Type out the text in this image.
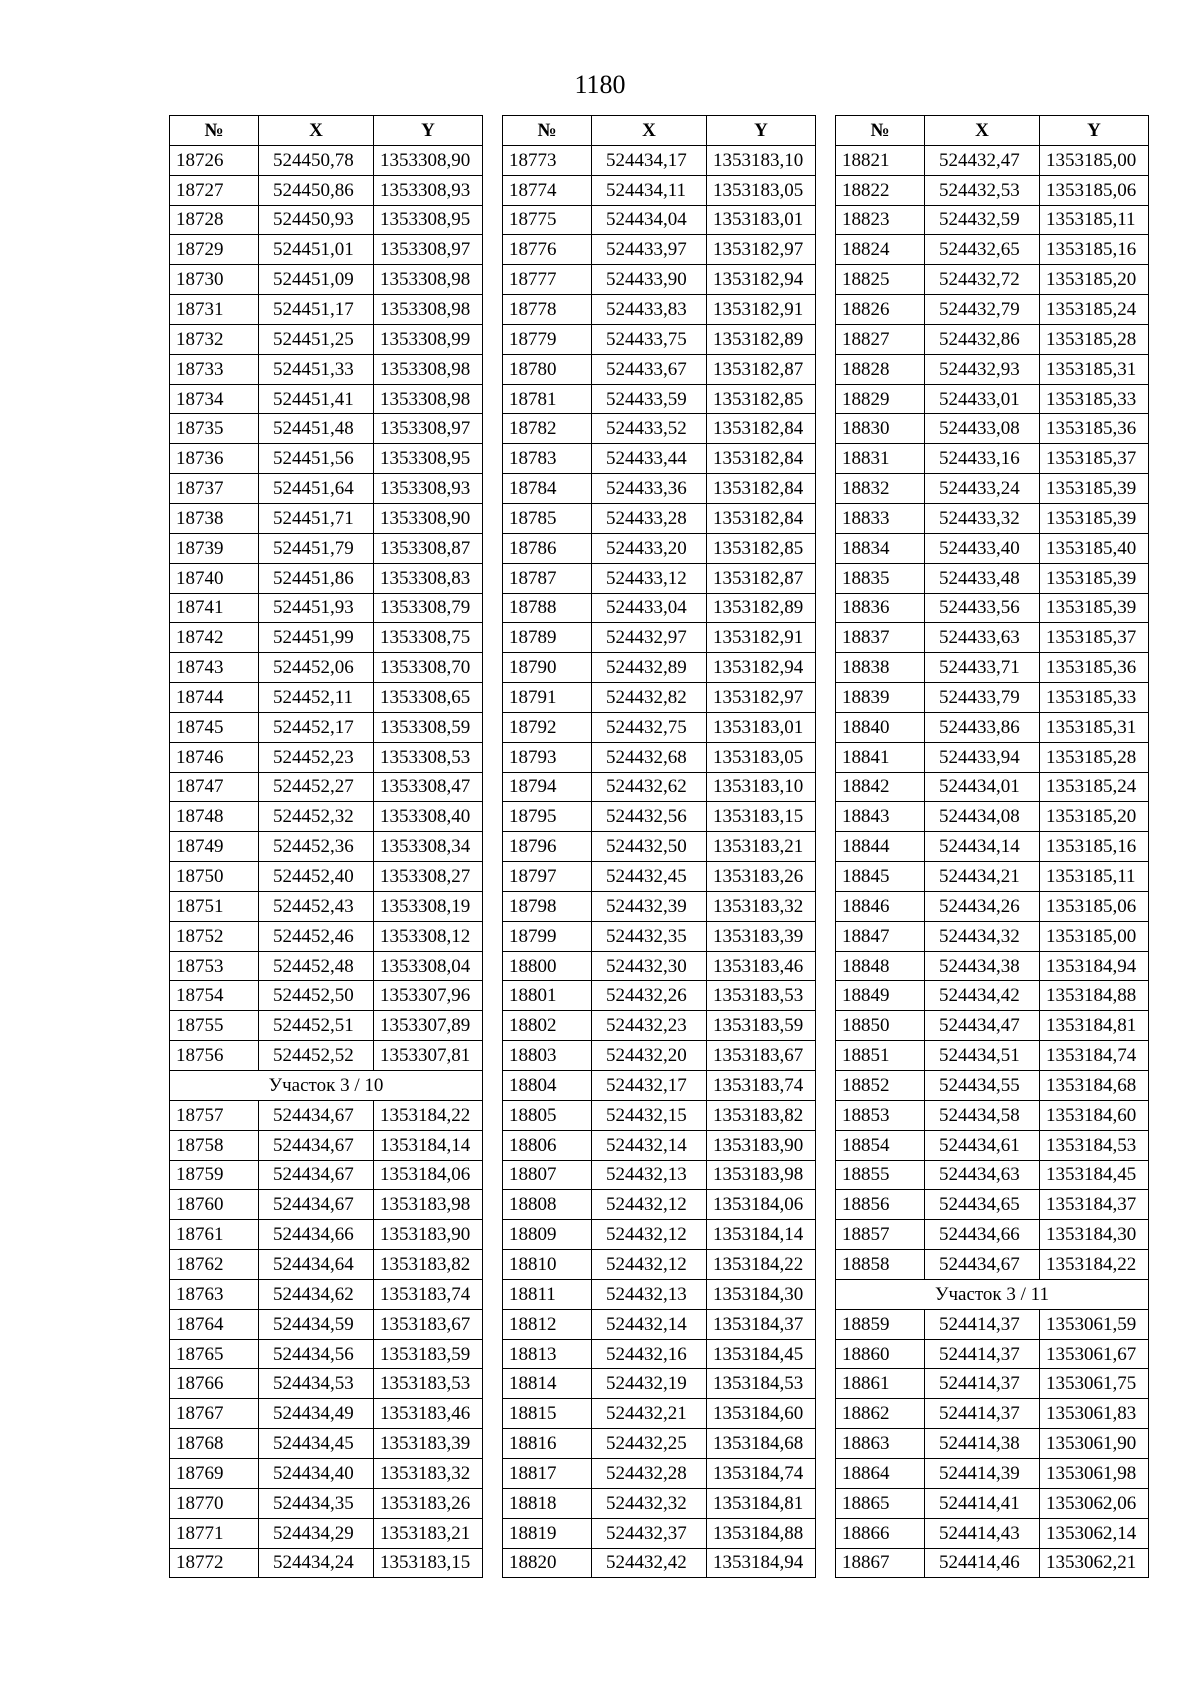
1180
№	X	Y
18726	524450,78	1353308,90
18727	524450,86	1353308,93
18728	524450,93	1353308,95
18729	524451,01	1353308,97
18730	524451,09	1353308,98
18731	524451,17	1353308,98
18732	524451,25	1353308,99
18733	524451,33	1353308,98
18734	524451,41	1353308,98
18735	524451,48	1353308,97
18736	524451,56	1353308,95
18737	524451,64	1353308,93
18738	524451,71	1353308,90
18739	524451,79	1353308,87
18740	524451,86	1353308,83
18741	524451,93	1353308,79
18742	524451,99	1353308,75
18743	524452,06	1353308,70
18744	524452,11	1353308,65
18745	524452,17	1353308,59
18746	524452,23	1353308,53
18747	524452,27	1353308,47
18748	524452,32	1353308,40
18749	524452,36	1353308,34
18750	524452,40	1353308,27
18751	524452,43	1353308,19
18752	524452,46	1353308,12
18753	524452,48	1353308,04
18754	524452,50	1353307,96
18755	524452,51	1353307,89
18756	524452,52	1353307,81
Участок 3 / 10		
18757	524434,67	1353184,22
18758	524434,67	1353184,14
18759	524434,67	1353184,06
18760	524434,67	1353183,98
18761	524434,66	1353183,90
18762	524434,64	1353183,82
18763	524434,62	1353183,74
18764	524434,59	1353183,67
18765	524434,56	1353183,59
18766	524434,53	1353183,53
18767	524434,49	1353183,46
18768	524434,45	1353183,39
18769	524434,40	1353183,32
18770	524434,35	1353183,26
18771	524434,29	1353183,21
18772	524434,24	1353183,15
№	X	Y
18773	524434,17	1353183,10
18774	524434,11	1353183,05
18775	524434,04	1353183,01
18776	524433,97	1353182,97
18777	524433,90	1353182,94
18778	524433,83	1353182,91
18779	524433,75	1353182,89
18780	524433,67	1353182,87
18781	524433,59	1353182,85
18782	524433,52	1353182,84
18783	524433,44	1353182,84
18784	524433,36	1353182,84
18785	524433,28	1353182,84
18786	524433,20	1353182,85
18787	524433,12	1353182,87
18788	524433,04	1353182,89
18789	524432,97	1353182,91
18790	524432,89	1353182,94
18791	524432,82	1353182,97
18792	524432,75	1353183,01
18793	524432,68	1353183,05
18794	524432,62	1353183,10
18795	524432,56	1353183,15
18796	524432,50	1353183,21
18797	524432,45	1353183,26
18798	524432,39	1353183,32
18799	524432,35	1353183,39
18800	524432,30	1353183,46
18801	524432,26	1353183,53
18802	524432,23	1353183,59
18803	524432,20	1353183,67
18804	524432,17	1353183,74
18805	524432,15	1353183,82
18806	524432,14	1353183,90
18807	524432,13	1353183,98
18808	524432,12	1353184,06
18809	524432,12	1353184,14
18810	524432,12	1353184,22
18811	524432,13	1353184,30
18812	524432,14	1353184,37
18813	524432,16	1353184,45
18814	524432,19	1353184,53
18815	524432,21	1353184,60
18816	524432,25	1353184,68
18817	524432,28	1353184,74
18818	524432,32	1353184,81
18819	524432,37	1353184,88
18820	524432,42	1353184,94
№	X	Y
18821	524432,47	1353185,00
18822	524432,53	1353185,06
18823	524432,59	1353185,11
18824	524432,65	1353185,16
18825	524432,72	1353185,20
18826	524432,79	1353185,24
18827	524432,86	1353185,28
18828	524432,93	1353185,31
18829	524433,01	1353185,33
18830	524433,08	1353185,36
18831	524433,16	1353185,37
18832	524433,24	1353185,39
18833	524433,32	1353185,39
18834	524433,40	1353185,40
18835	524433,48	1353185,39
18836	524433,56	1353185,39
18837	524433,63	1353185,37
18838	524433,71	1353185,36
18839	524433,79	1353185,33
18840	524433,86	1353185,31
18841	524433,94	1353185,28
18842	524434,01	1353185,24
18843	524434,08	1353185,20
18844	524434,14	1353185,16
18845	524434,21	1353185,11
18846	524434,26	1353185,06
18847	524434,32	1353185,00
18848	524434,38	1353184,94
18849	524434,42	1353184,88
18850	524434,47	1353184,81
18851	524434,51	1353184,74
18852	524434,55	1353184,68
18853	524434,58	1353184,60
18854	524434,61	1353184,53
18855	524434,63	1353184,45
18856	524434,65	1353184,37
18857	524434,66	1353184,30
18858	524434,67	1353184,22
Участок 3 / 11		
18859	524414,37	1353061,59
18860	524414,37	1353061,67
18861	524414,37	1353061,75
18862	524414,37	1353061,83
18863	524414,38	1353061,90
18864	524414,39	1353061,98
18865	524414,41	1353062,06
18866	524414,43	1353062,14
18867	524414,46	1353062,21
